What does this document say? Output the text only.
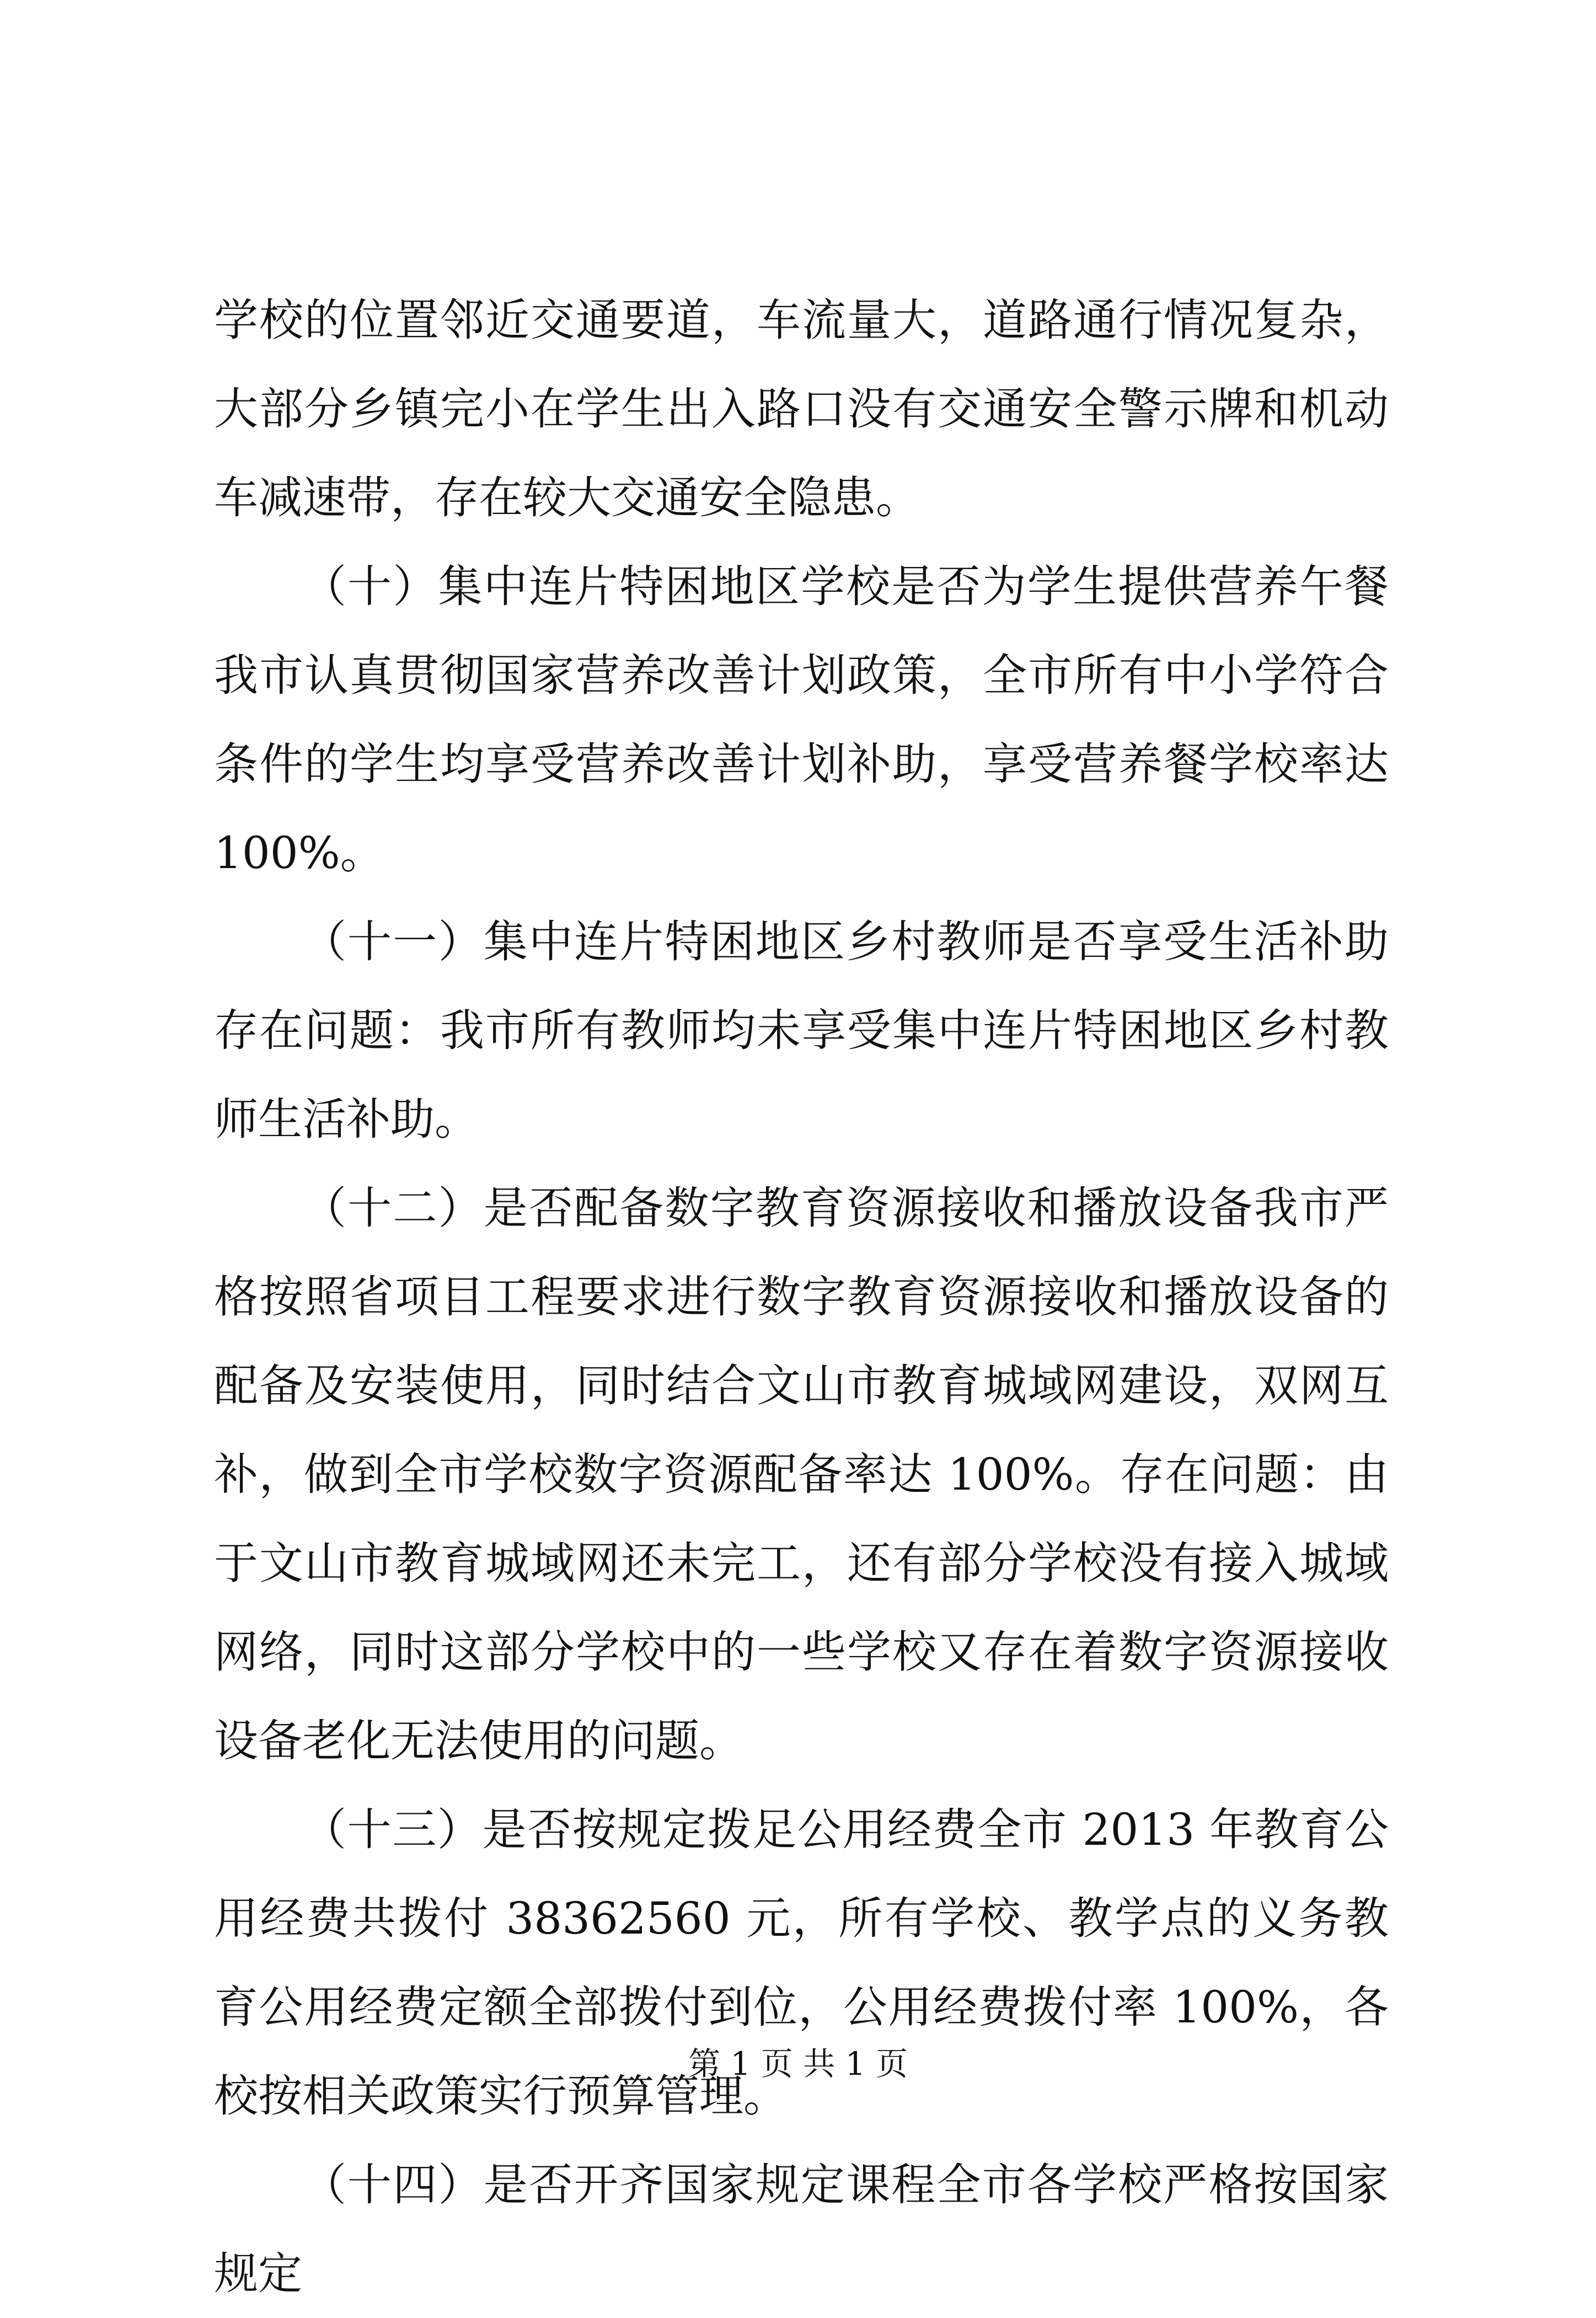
学校的位置邻近交通要道，车流量大，道路通行情况复杂，大部分乡镇完小在学生出入路口没有交通安全警示牌和机动车减速带，存在较大交通安全隐患。

（十）集中连片特困地区学校是否为学生提供营养午餐我市认真贯彻国家营养改善计划政策，全市所有中小学符合条件的学生均享受营养改善计划补助，享受营养餐学校率达 100%。

（十一）集中连片特困地区乡村教师是否享受生活补助存在问题：我市所有教师均未享受集中连片特困地区乡村教师生活补助。

（十二）是否配备数字教育资源接收和播放设备我市严格按照省项目工程要求进行数字教育资源接收和播放设备的配备及安装使用，同时结合文山市教育城域网建设，双网互补，做到全市学校数字资源配备率达 100%。存在问题：由于文山市教育城域网还未完工，还有部分学校没有接入城域网络，同时这部分学校中的一些学校又存在着数字资源接收设备老化无法使用的问题。

（十三）是否按规定拨足公用经费全市 2013 年教育公用经费共拨付 38362560 元，所有学校、教学点的义务教育公用经费定额全部拨付到位，公用经费拨付率 100%，各校按相关政策实行预算管理。

（十四）是否开齐国家规定课程全市各学校严格按国家规定

第 1 页 共 1 页
